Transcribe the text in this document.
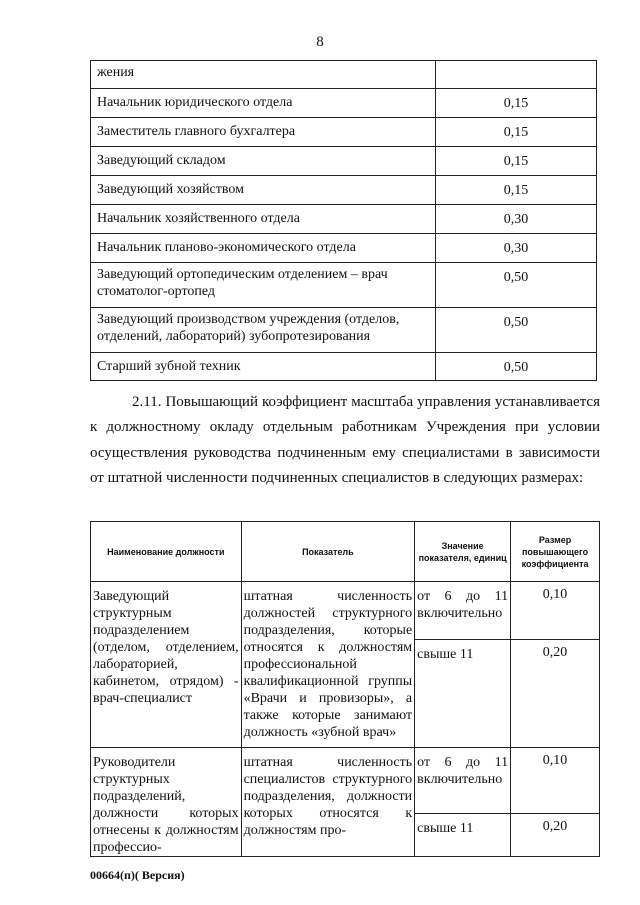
8
жения	
Начальник юридического отдела	0,15
Заместитель главного бухгалтера	0,15
Заведующий складом	0,15
Заведующий хозяйством	0,15
Начальник хозяйственного отдела	0,30
Начальник планово-экономического отдела	0,30
Заведующий ортопедическим отделением – врач стоматолог-ортопед	0,50
Заведующий производством учреждения (отделов, отделений, лабораторий) зубопротезирования	0,50
Старший зубной техник	0,50

2.11. Повышающий коэффициент масштаба управления устанавливается к должностному окладу отдельным работникам Учреждения при условии осуществления руководства подчиненным ему специалистами в зависимости от штатной численности подчиненных специалистов в следующих размерах:

Наименование должности	Показатель	Значение показателя, единиц	Размер повышающего коэффициента
Заведующий структурным подразделением (отделом, отделением, лабораторией, кабинетом, отрядом) - врач-специалист	штатная численность должностей структурного подразделения, которые относятся к должностям профессиональной квалификационной группы «Врачи и провизоры», а также которые занимают должность «зубной врач»	от 6 до 11 включительно	0,10
		свыше 11	0,20
Руководители структурных подразделений, должности которых отнесены к должностям профессио-	штатная численность специалистов структурного подразделения, должности которых относятся к должностям про-	от 6 до 11 включительно	0,10
		свыше 11	0,20
00664(п)( Версия)
